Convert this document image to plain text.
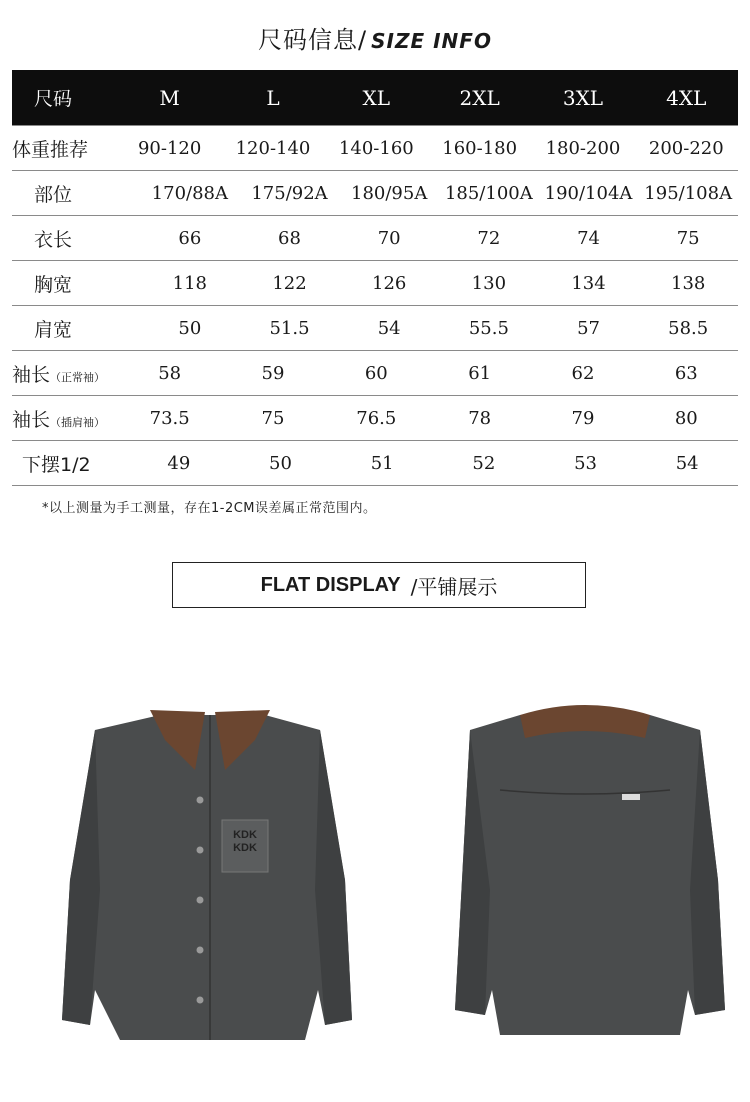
尺码信息/ SIZE INFO
尺码	M	L	XL	2XL	3XL	4XL
体重推荐	90-120	120-140	140-160	160-180	180-200	200-220
部位	170/88A	175/92A	180/95A 185/100A 190/104A 195/108A
衣长	66	68	70	72	74	75
胸宽	118	122	126	130	134	138
肩宽	50	51.5	54	55.5	57	58.5
袖长（正常袖）	58	59	60	61	62	63
袖长（插肩袖）	73.5	75	76.5	78	79	80
下摆1/2	49	50	51	52	53	54
*以上测量为手工测量，存在1-2CM误差属正常范围内。
FLAT DISPLAY /平铺展示
KDK
KDK
